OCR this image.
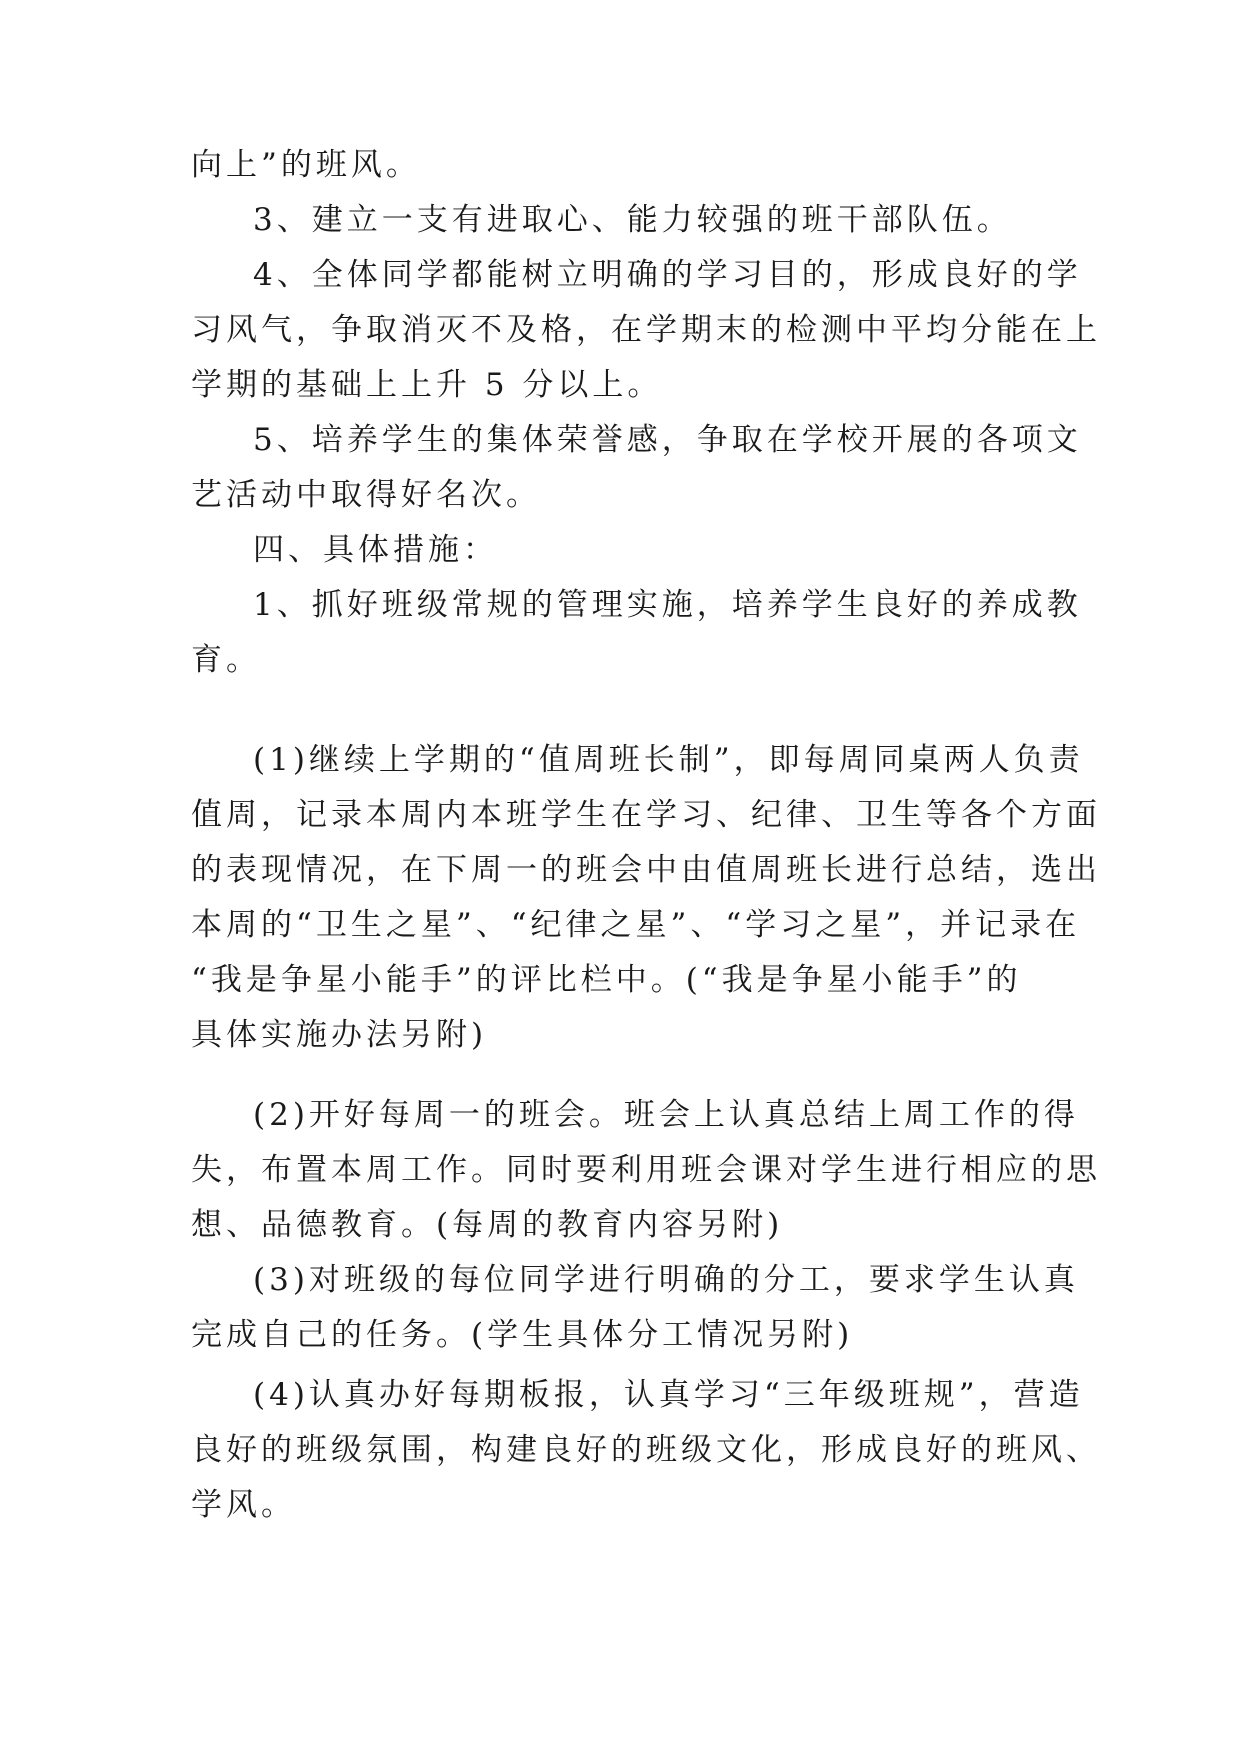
向上”的班风。

3、建立一支有进取心、能力较强的班干部队伍。

4、全体同学都能树立明确的学习目的，形成良好的学

习风气，争取消灭不及格，在学期末的检测中平均分能在上

学期的基础上上升 5 分以上。

5、培养学生的集体荣誉感，争取在学校开展的各项文

艺活动中取得好名次。

四、具体措施：

1、抓好班级常规的管理实施，培养学生良好的养成教

育。

(1)继续上学期的“值周班长制”，即每周同桌两人负责

值周，记录本周内本班学生在学习、纪律、卫生等各个方面

的表现情况，在下周一的班会中由值周班长进行总结，选出

本周的“卫生之星”、“纪律之星”、“学习之星”，并记录在

“我是争星小能手”的评比栏中。(“我是争星小能手”的

具体实施办法另附)

(2)开好每周一的班会。班会上认真总结上周工作的得

失，布置本周工作。同时要利用班会课对学生进行相应的思

想、品德教育。(每周的教育内容另附)

(3)对班级的每位同学进行明确的分工，要求学生认真

完成自己的任务。(学生具体分工情况另附)

(4)认真办好每期板报，认真学习“三年级班规”，营造

良好的班级氛围，构建良好的班级文化，形成良好的班风、

学风。
